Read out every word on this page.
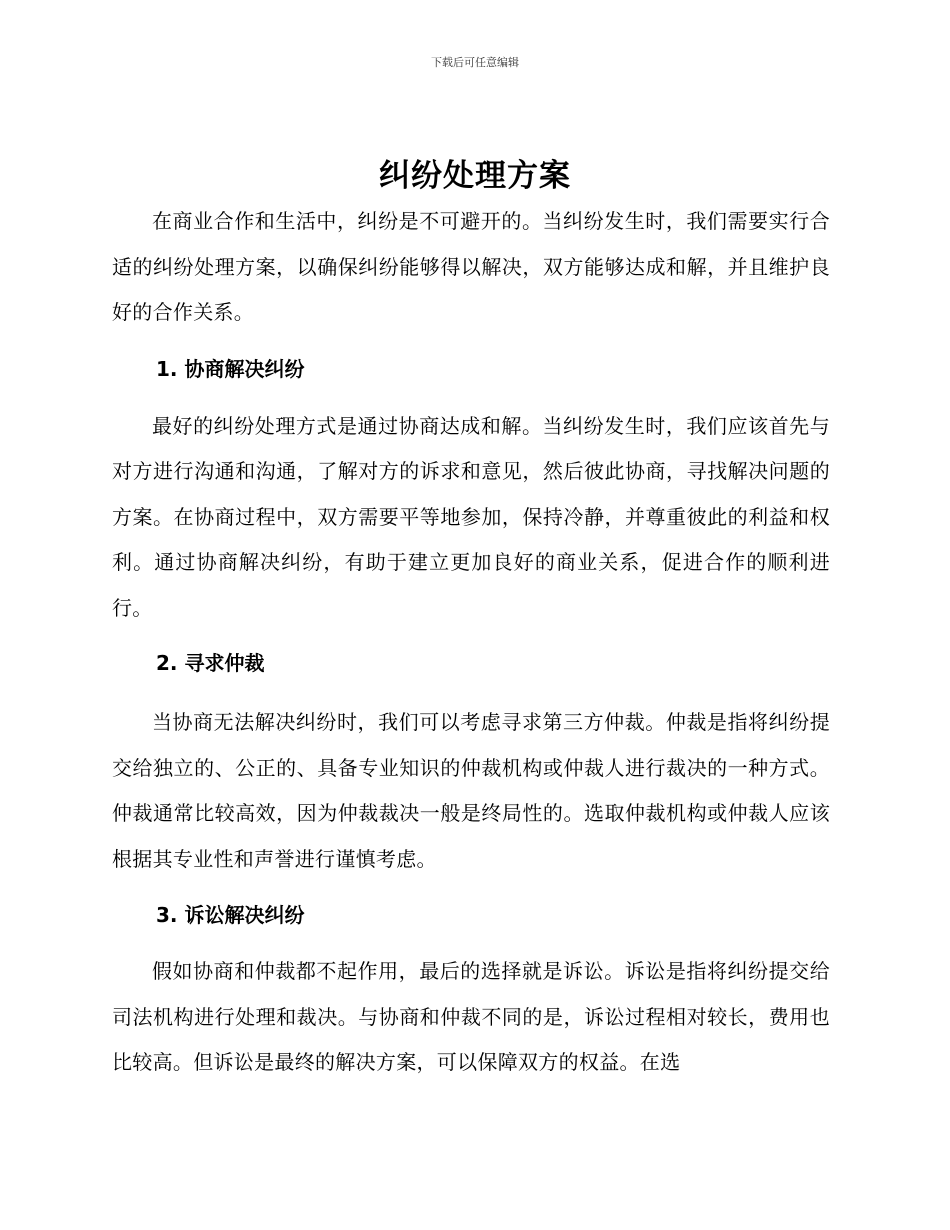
下载后可任意编辑
纠纷处理方案

在商业合作和生活中，纠纷是不可避开的。当纠纷发生时，我们需要实行合适的纠纷处理方案，以确保纠纷能够得以解决，双方能够达成和解，并且维护良好的合作关系。

1. 协商解决纠纷

最好的纠纷处理方式是通过协商达成和解。当纠纷发生时，我们应该首先与对方进行沟通和沟通，了解对方的诉求和意见，然后彼此协商，寻找解决问题的方案。在协商过程中，双方需要平等地参加，保持冷静，并尊重彼此的利益和权利。通过协商解决纠纷，有助于建立更加良好的商业关系，促进合作的顺利进行。

2. 寻求仲裁

当协商无法解决纠纷时，我们可以考虑寻求第三方仲裁。仲裁是指将纠纷提交给独立的、公正的、具备专业知识的仲裁机构或仲裁人进行裁决的一种方式。仲裁通常比较高效，因为仲裁裁决一般是终局性的。选取仲裁机构或仲裁人应该根据其专业性和声誉进行谨慎考虑。

3. 诉讼解决纠纷

假如协商和仲裁都不起作用，最后的选择就是诉讼。诉讼是指将纠纷提交给司法机构进行处理和裁决。与协商和仲裁不同的是，诉讼过程相对较长，费用也比较高。但诉讼是最终的解决方案，可以保障双方的权益。在选
